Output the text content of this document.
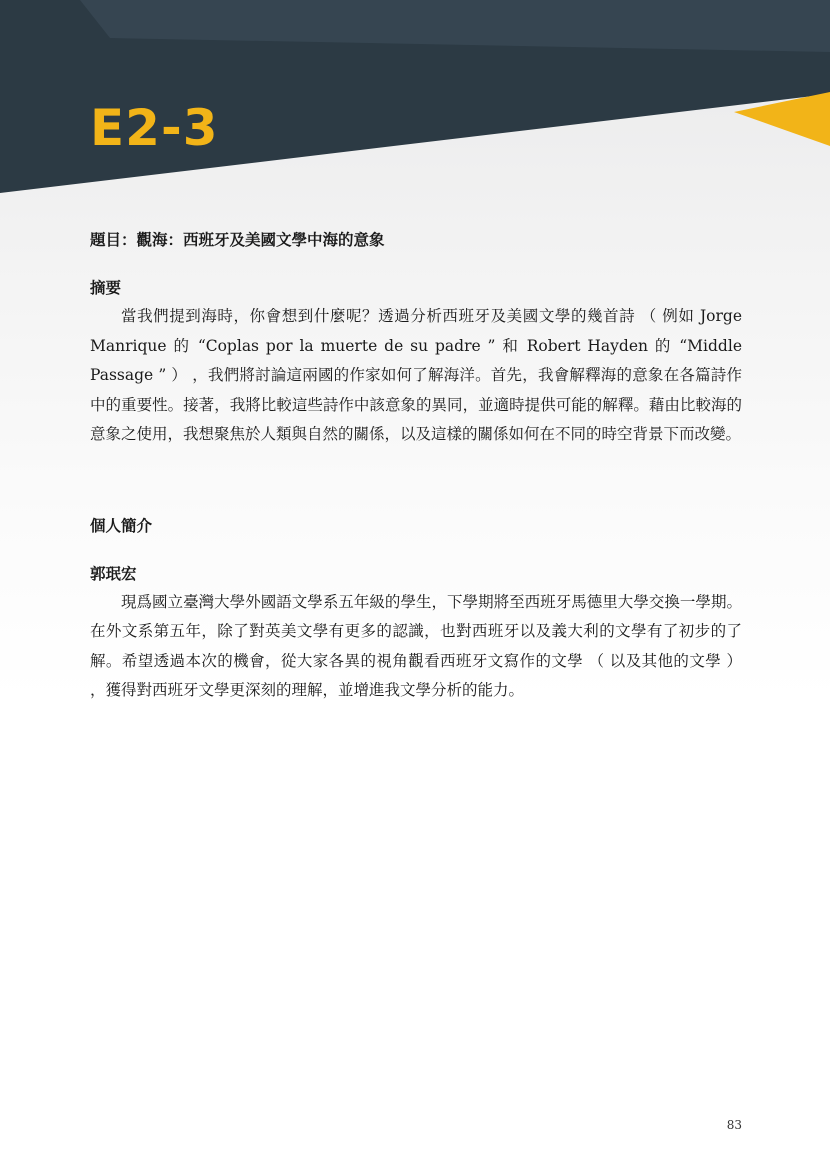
E2-3

題目：觀海：西班牙及美國文學中海的意象

摘要

當我們提到海時，你會想到什麼呢？透過分析西班牙及美國文學的幾首詩 （ 例如 Jorge Manrique 的 “Coplas por la muerte de su padre ” 和 Robert Hayden 的 “Middle Passage ” ） ，我們將討論這兩國的作家如何了解海洋。首先，我會解釋海的意象在各篇詩作中的重要性。接著，我將比較這些詩作中該意象的異同，並適時提供可能的解釋。藉由比較海的意象之使用，我想聚焦於人類與自然的關係，以及這樣的關係如何在不同的時空背景下而改變。

個人簡介

郭珉宏

現爲國立臺灣大學外國語文學系五年級的學生，下學期將至西班牙馬德里大學交換一學期。在外文系第五年，除了對英美文學有更多的認識，也對西班牙以及義大利的文學有了初步的了解。希望透過本次的機會，從大家各異的視角觀看西班牙文寫作的文學 （ 以及其他的文學 ） ，獲得對西班牙文學更深刻的理解，並增進我文學分析的能力。

83
